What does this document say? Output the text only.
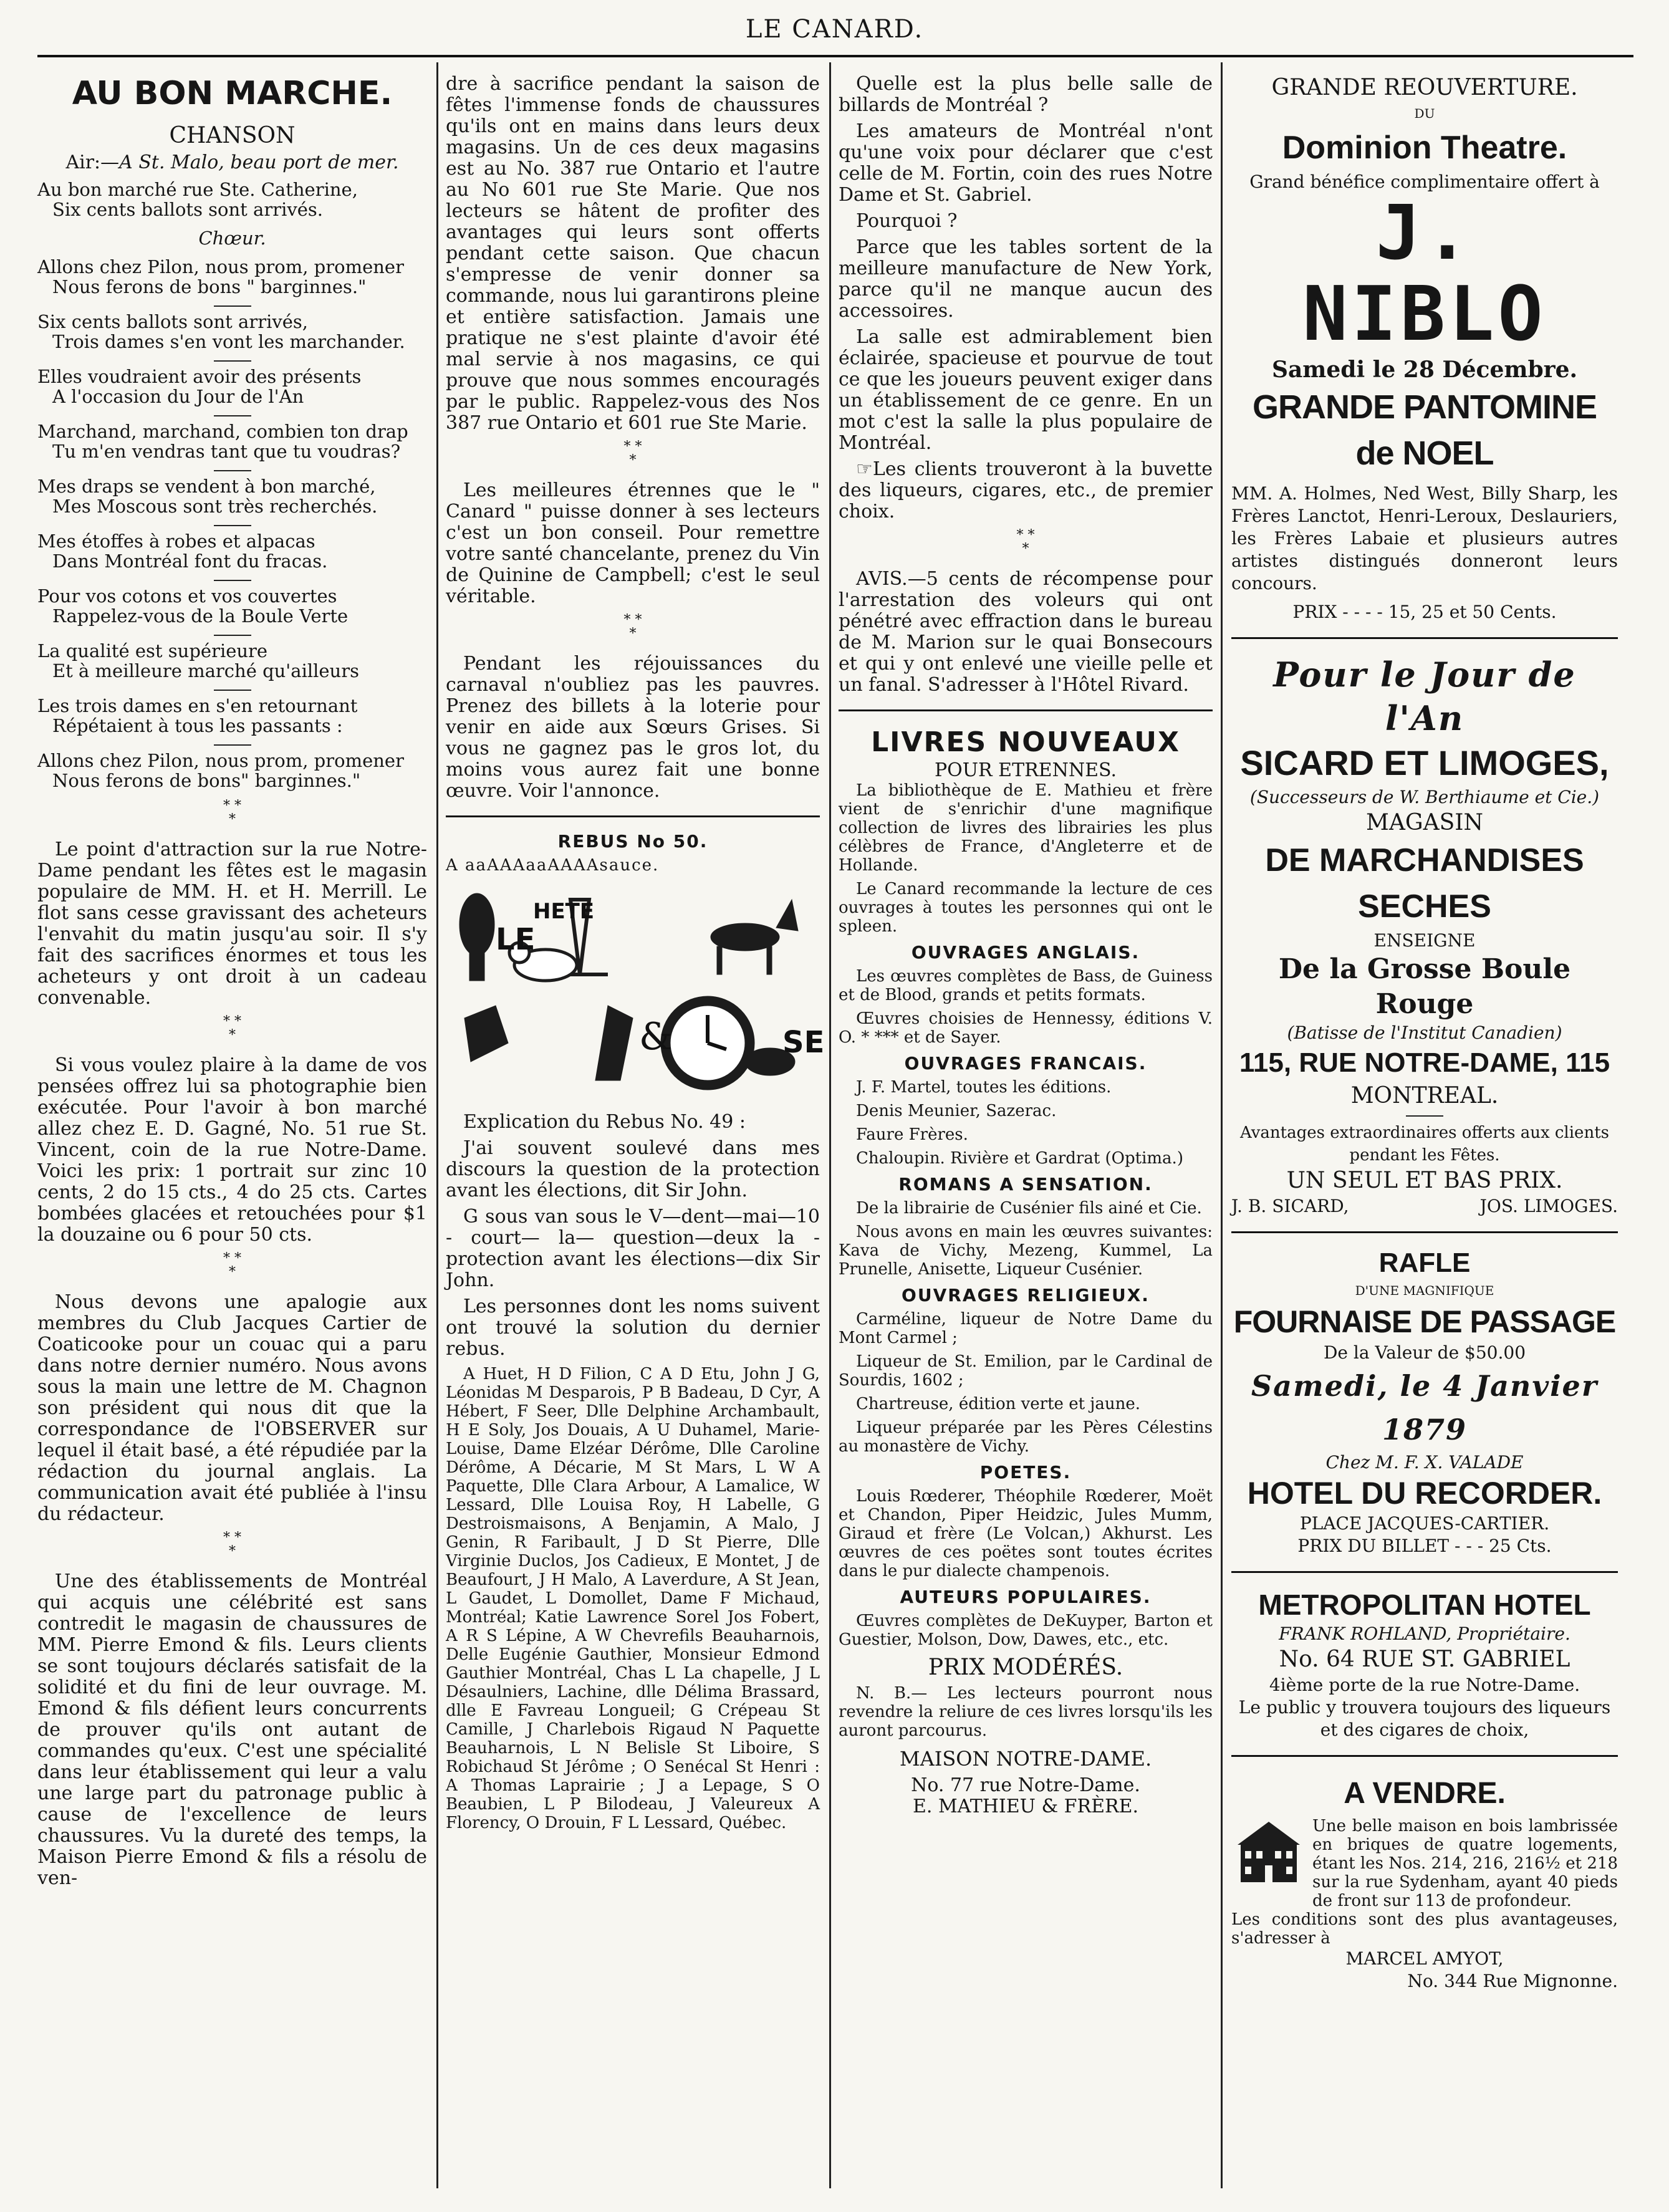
LE CANARD.
AU BON MARCHE.
CHANSON
Air:—A St. Malo, beau port de mer.
Au bon marché rue Ste. Catherine,
Six cents ballots sont arrivés.
Chœur.
Allons chez Pilon, nous prom, promener
Nous ferons de bons " barginnes."
Six cents ballots sont arrivés,
Trois dames s'en vont les marchander.
Elles voudraient avoir des présents
A l'occasion du Jour de l'An
Marchand, marchand, combien ton drap
Tu m'en vendras tant que tu voudras?
Mes draps se vendent à bon marché,
Mes Moscous sont très recherchés.
Mes étoffes à robes et alpacas
Dans Montréal font du fracas.
Pour vos cotons et vos couvertes
Rappelez-vous de la Boule Verte
La qualité est supérieure
Et à meilleure marché qu'ailleurs
Les trois dames en s'en retournant
Répétaient à tous les passants :
Allons chez Pilon, nous prom, promener
Nous ferons de bons" barginnes."
* *
*

Le point d'attraction sur la rue Notre-Dame pendant les fêtes est le magasin populaire de MM. H. et H. Merrill. Le flot sans cesse gravissant des acheteurs l'envahit du matin jusqu'au soir. Il s'y fait des sacrifices énormes et tous les acheteurs y ont droit à un cadeau convenable.

* *
*

Si vous voulez plaire à la dame de vos pensées offrez lui sa photographie bien exécutée. Pour l'avoir à bon marché allez chez E. D. Gagné, No. 51 rue St. Vincent, coin de la rue Notre-Dame. Voici les prix: 1 portrait sur zinc 10 cents, 2 do 15 cts., 4 do 25 cts. Cartes bombées glacées et retouchées pour $1 la douzaine ou 6 pour 50 cts.

* *
*

Nous devons une apalogie aux membres du Club Jacques Cartier de Coaticooke pour un couac qui a paru dans notre dernier numéro. Nous avons sous la main une lettre de M. Chagnon son président qui nous dit que la correspondance de l'OBSERVER sur lequel il était basé, a été répudiée par la rédaction du journal anglais. La communication avait été publiée à l'insu du rédacteur.

* *
*

Une des établissements de Montréal qui acquis une célébrité est sans contredit le magasin de chaussures de MM. Pierre Emond & fils. Leurs clients se sont toujours déclarés satisfait de la solidité et du fini de leur ouvrage. M. Emond & fils défient leurs concurrents de prouver qu'ils ont autant de commandes qu'eux. C'est une spécialité dans leur établissement qui leur a valu une large part du patronage public à cause de l'excellence de leurs chaussures. Vu la dureté des temps, la Maison Pierre Emond & fils a résolu de ven-

dre à sacrifice pendant la saison de fêtes l'immense fonds de chaussures qu'ils ont en mains dans leurs deux magasins. Un de ces deux magasins est au No. 387 rue Ontario et l'autre au No 601 rue Ste Marie. Que nos lecteurs se hâtent de profiter des avantages qui leurs sont offerts pendant cette saison. Que chacun s'empresse de venir donner sa commande, nous lui garantirons pleine et entière satisfaction. Jamais une pratique ne s'est plainte d'avoir été mal servie à nos magasins, ce qui prouve que nous sommes encouragés par le public. Rappelez-vous des Nos 387 rue Ontario et 601 rue Ste Marie.

* *
*

Les meilleures étrennes que le " Canard " puisse donner à ses lecteurs c'est un bon conseil. Pour remettre votre santé chancelante, prenez du Vin de Quinine de Campbell; c'est le seul véritable.

* *
*

Pendant les réjouissances du carnaval n'oubliez pas les pauvres. Prenez des billets à la loterie pour venir en aide aux Sœurs Grises. Si vous ne gagnez pas le gros lot, du moins vous aurez fait une bonne œuvre. Voir l'annonce.

REBUS No 50.
A aaAAAaaAAAAsauce.
LE
HETE
&	SE

Explication du Rebus No. 49 :

J'ai souvent soulevé dans mes discours la question de la protection avant les élections, dit Sir John.

G sous van sous le V—dent—mai—10 - court— la— question—deux la - protection avant les élections—dix Sir John.

Les personnes dont les noms suivent ont trouvé la solution du dernier rebus.

A Huet, H D Filion, C A D Etu, John J G, Léonidas M Desparois, P B Badeau, D Cyr, A Hébert, F Seer, Dlle Delphine Archambault, H E Soly, Jos Douais, A U Duhamel, Marie-Louise, Dame Elzéar Dérôme, Dlle Caroline Dérôme, A Décarie, M St Mars, L W A Paquette, Dlle Clara Arbour, A Lamalice, W Lessard, Dlle Louisa Roy, H Labelle, G Destroismaisons, A Benjamin, A Malo, J Genin, R Faribault, J D St Pierre, Dlle Virginie Duclos, Jos Cadieux, E Montet, J de Beaufourt, J H Malo, A Laverdure, A St Jean, L Gaudet, L Domollet, Dame F Michaud, Montréal; Katie Lawrence Sorel Jos Fobert, A R S Lépine, A W Chevrefils Beauharnois, Delle Eugénie Gauthier, Monsieur Edmond Gauthier Montréal, Chas L La chapelle, J L Désaulniers, Lachine, dlle Délima Brassard, dlle E Favreau Longueil; G Crépeau St Camille, J Charlebois Rigaud N Paquette Beauharnois, L N Belisle St Liboire, S Robichaud St Jérôme ; O Senécal St Henri : A Thomas Laprairie ; J a Lepage, S O Beaubien, L P Bilodeau, J Valeureux A Florency, O Drouin, F L Lessard, Québec.

Quelle est la plus belle salle de billards de Montréal ?

Les amateurs de Montréal n'ont qu'une voix pour déclarer que c'est celle de M. Fortin, coin des rues Notre Dame et St. Gabriel.

Pourquoi ?

Parce que les tables sortent de la meilleure manufacture de New York, parce qu'il ne manque aucun des accessoires.

La salle est admirablement bien éclairée, spacieuse et pourvue de tout ce que les joueurs peuvent exiger dans un établissement de ce genre. En un mot c'est la salle la plus populaire de Montréal.

☞Les clients trouveront à la buvette des liqueurs, cigares, etc., de premier choix.

* *
*

AVIS.—5 cents de récompense pour l'arrestation des voleurs qui ont pénétré avec effraction dans le bureau de M. Marion sur le quai Bonsecours et qui y ont enlevé une vieille pelle et un fanal. S'adresser à l'Hôtel Rivard.

LIVRES NOUVEAUX
POUR ETRENNES.

La bibliothèque de E. Mathieu et frère vient de s'enrichir d'une magnifique collection de livres des librairies les plus célèbres de France, d'Angleterre et de Hollande.

Le Canard recommande la lecture de ces ouvrages à toutes les personnes qui ont le spleen.

OUVRAGES ANGLAIS.

Les œuvres complètes de Bass, de Guiness et de Blood, grands et petits formats.

Œuvres choisies de Hennessy, éditions V. O. * *** et de Sayer.

OUVRAGES FRANCAIS.

J. F. Martel, toutes les éditions.

Denis Meunier, Sazerac.

Faure Frères.

Chaloupin. Rivière et Gardrat (Optima.)

ROMANS A SENSATION.

De la librairie de Cusénier fils ainé et Cie.

Nous avons en main les œuvres suivantes: Kava de Vichy, Mezeng, Kummel, La Prunelle, Anisette, Liqueur Cusénier.

OUVRAGES RELIGIEUX.

Carméline, liqueur de Notre Dame du Mont Carmel ;

Liqueur de St. Emilion, par le Cardinal de Sourdis, 1602 ;

Chartreuse, édition verte et jaune.

Liqueur préparée par les Pères Célestins au monastère de Vichy.

POETES.

Louis Rœderer, Théophile Rœderer, Moët et Chandon, Piper Heidzic, Jules Mumm, Giraud et frère (Le Volcan,) Akhurst. Les œuvres de ces poëtes sont toutes écrites dans le pur dialecte champenois.

AUTEURS POPULAIRES.

Œuvres complètes de DeKuyper, Barton et Guestier, Molson, Dow, Dawes, etc., etc.

PRIX MODÉRÉS.

N. B.— Les lecteurs pourront nous revendre la reliure de ces livres lorsqu'ils les auront parcourus.

MAISON NOTRE-DAME.
No. 77 rue Notre-Dame.
E. MATHIEU & FRÈRE.
GRANDE REOUVERTURE.
DU
Dominion Theatre.
Grand bénéfice complimentaire offert à
J. NIBLO
Samedi le 28 Décembre.
GRANDE PANTOMINE de NOEL
MM. A. Holmes, Ned West, Billy Sharp, les Frères Lanctot, Henri-Leroux, Deslauriers, les Frères Labaie et plusieurs autres artistes distingués donneront leurs concours.
PRIX - - - - 15, 25 et 50 Cents.
Pour le Jour de l'An
SICARD ET LIMOGES,
(Successeurs de W. Berthiaume et Cie.)
MAGASIN
DE MARCHANDISES SECHES
ENSEIGNE
De la Grosse Boule Rouge
(Batisse de l'Institut Canadien)
115, RUE NOTRE-DAME, 115
MONTREAL.
Avantages extraordinaires offerts aux clients pendant les Fêtes.
UN SEUL ET BAS PRIX.
J. B. SICARD,	JOS. LIMOGES.
RAFLE
D'UNE MAGNIFIQUE
FOURNAISE DE PASSAGE
De la Valeur de $50.00
Samedi, le 4 Janvier 1879
Chez M. F. X. VALADE
HOTEL DU RECORDER.
PLACE JACQUES-CARTIER.
PRIX DU BILLET - - - 25 Cts.
METROPOLITAN HOTEL
FRANK ROHLAND, Propriétaire.
No. 64 RUE ST. GABRIEL
4ième porte de la rue Notre-Dame.
Le public y trouvera toujours des liqueurs et des cigares de choix,
A VENDRE.
Une belle maison en bois lambrissée en briques de quatre logements, étant les Nos. 214, 216, 216½ et 218 sur la rue Sydenham, ayant 40 pieds de front sur 113 de profondeur.
Les conditions sont des plus avantageuses, s'adresser à
MARCEL AMYOT,
No. 344 Rue Mignonne.
